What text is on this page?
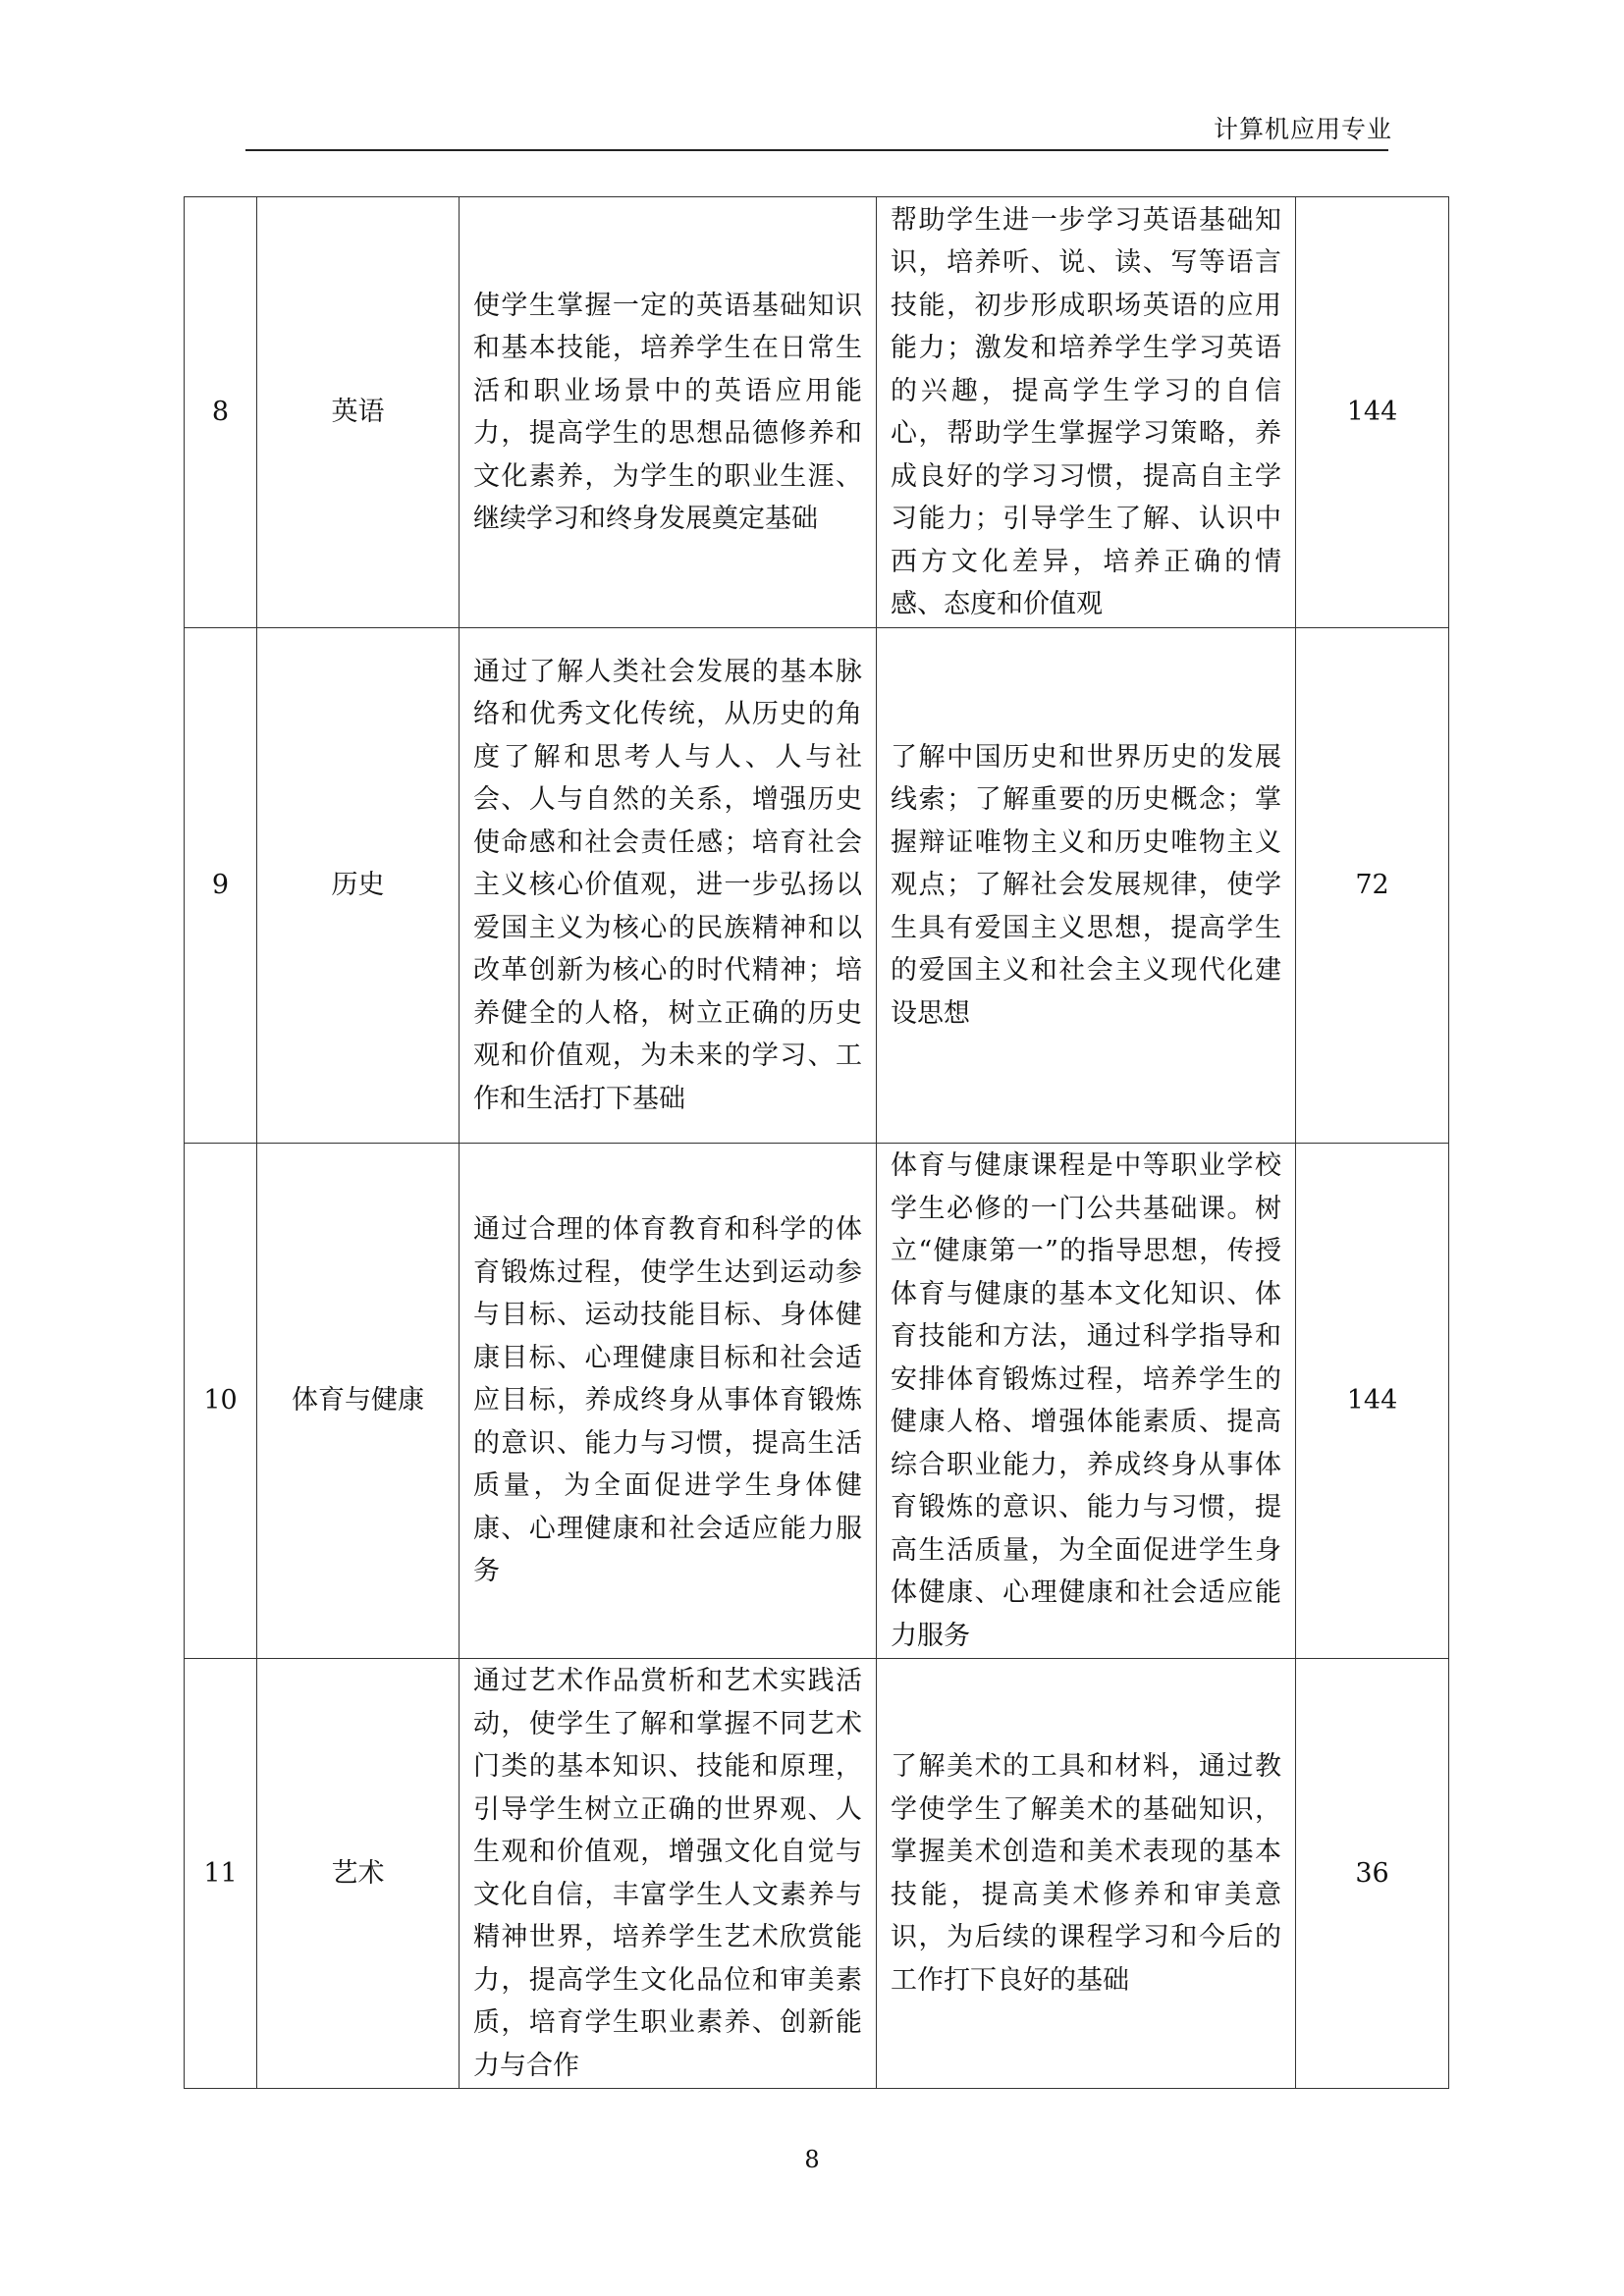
计算机应用专业
8	英语	使学生掌握一定的英语基础知识和基本技能，培养学生在日常生活和职业场景中的英语应用能力，提高学生的思想品德修养和文化素养，为学生的职业生涯、继续学习和终身发展奠定基础	帮助学生进一步学习英语基础知识，培养听、说、读、写等语言技能，初步形成职场英语的应用能力；激发和培养学生学习英语的兴趣，提高学生学习的自信心，帮助学生掌握学习策略，养成良好的学习习惯，提高自主学习能力；引导学生了解、认识中西方文化差异，培养正确的情感、态度和价值观	144
9	历史	通过了解人类社会发展的基本脉络和优秀文化传统，从历史的角度了解和思考人与人、人与社会、人与自然的关系，增强历史使命感和社会责任感；培育社会主义核心价值观，进一步弘扬以爱国主义为核心的民族精神和以改革创新为核心的时代精神；培养健全的人格，树立正确的历史观和价值观，为未来的学习、工作和生活打下基础	了解中国历史和世界历史的发展线索；了解重要的历史概念；掌握辩证唯物主义和历史唯物主义观点；了解社会发展规律，使学生具有爱国主义思想，提高学生的爱国主义和社会主义现代化建设思想	72
10	体育与健康	通过合理的体育教育和科学的体育锻炼过程，使学生达到运动参与目标、运动技能目标、身体健康目标、心理健康目标和社会适应目标，养成终身从事体育锻炼的意识、能力与习惯，提高生活质量，为全面促进学生身体健康、心理健康和社会适应能力服务	体育与健康课程是中等职业学校学生必修的一门公共基础课。树立“健康第一”的指导思想，传授体育与健康的基本文化知识、体育技能和方法，通过科学指导和安排体育锻炼过程，培养学生的健康人格、增强体能素质、提高综合职业能力，养成终身从事体育锻炼的意识、能力与习惯，提高生活质量，为全面促进学生身体健康、心理健康和社会适应能力服务	144
11	艺术	通过艺术作品赏析和艺术实践活动，使学生了解和掌握不同艺术门类的基本知识、技能和原理，引导学生树立正确的世界观、人生观和价值观，增强文化自觉与文化自信，丰富学生人文素养与精神世界，培养学生艺术欣赏能力，提高学生文化品位和审美素质，培育学生职业素养、创新能力与合作	了解美术的工具和材料，通过教学使学生了解美术的基础知识，掌握美术创造和美术表现的基本技能，提高美术修养和审美意识，为后续的课程学习和今后的工作打下良好的基础	36
8
